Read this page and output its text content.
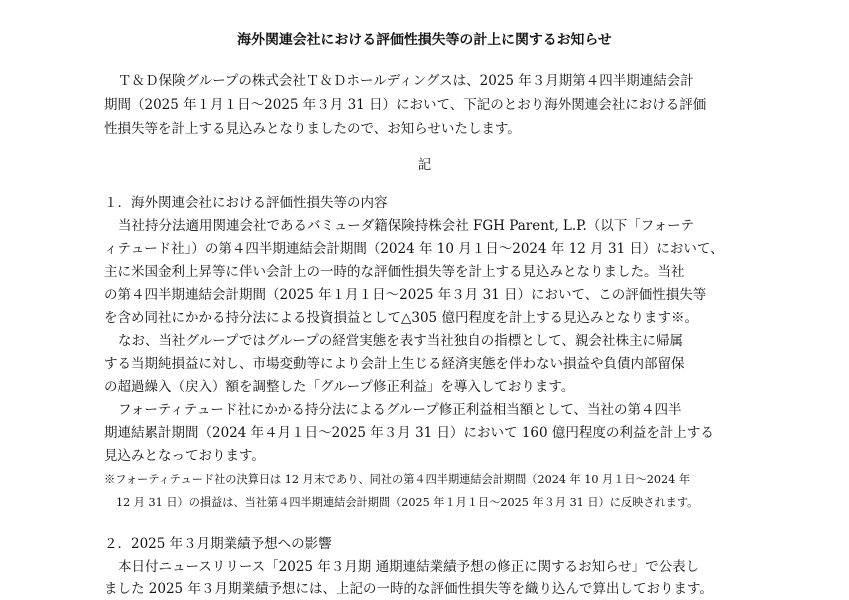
海外関連会社における評価性損失等の計上に関するお知らせ
Ｔ＆Ｄ保険グループの株式会社Ｔ＆Ｄホールディングスは、2025 年３月期第４四半期連結会計
期間（2025 年１月１日～2025 年３月 31 日）において、下記のとおり海外関連会社における評価
性損失等を計上する見込みとなりましたので、お知らせいたします。
記
１．海外関連会社における評価性損失等の内容
当社持分法適用関連会社であるバミューダ籍保険持株会社 FGH Parent, L.P.（以下「フォーテ
ィテュード社」）の第４四半期連結会計期間（2024 年 10 月１日～2024 年 12 月 31 日）において、
主に米国金利上昇等に伴い会計上の一時的な評価性損失等を計上する見込みとなりました。当社
の第４四半期連結会計期間（2025 年１月１日～2025 年３月 31 日）において、この評価性損失等
を含め同社にかかる持分法による投資損益として△305 億円程度を計上する見込みとなります※。
なお、当社グループではグループの経営実態を表す当社独自の指標として、親会社株主に帰属
する当期純損益に対し、市場変動等により会計上生じる経済実態を伴わない損益や負債内部留保
の超過繰入（戻入）額を調整した「グループ修正利益」を導入しております。
フォーティテュード社にかかる持分法によるグループ修正利益相当額として、当社の第４四半
期連結累計期間（2024 年４月１日～2025 年３月 31 日）において 160 億円程度の利益を計上する
見込みとなっております。
※フォーティテュード社の決算日は 12 月末であり、同社の第４四半期連結会計期間（2024 年 10 月１日～2024 年
12 月 31 日）の損益は、当社第４四半期連結会計期間（2025 年１月１日～2025 年３月 31 日）に反映されます。
２．2025 年３月期業績予想への影響
本日付ニュースリリース「2025 年３月期 通期連結業績予想の修正に関するお知らせ」で公表し
ました 2025 年３月期業績予想には、上記の一時的な評価性損失等を織り込んで算出しております。
